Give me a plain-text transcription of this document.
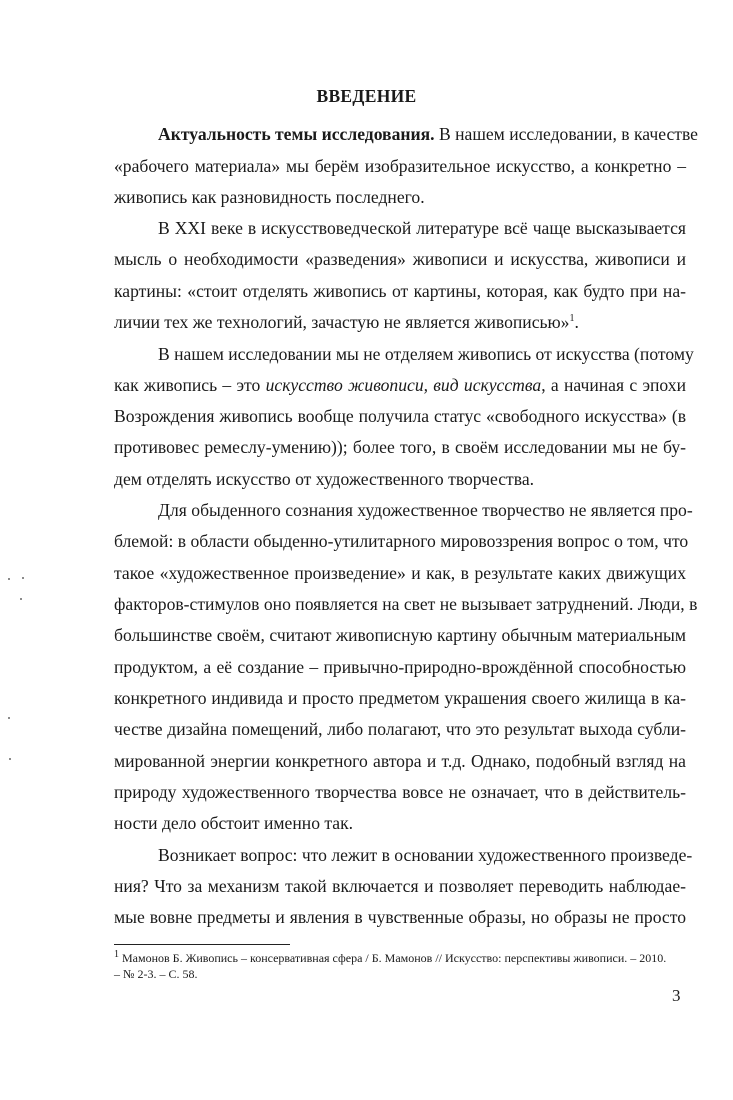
ВВЕДЕНИЕ
Актуальность темы исследования. В нашем исследовании, в качестве
«рабочего материала» мы берём изобразительное искусство, а конкретно –
живопись как разновидность последнего.
В XXI веке в искусствоведческой литературе всё чаще высказывается
мысль о необходимости «разведения» живописи и искусства, живописи и
картины: «стоит отделять живопись от картины, которая, как будто при на-
личии тех же технологий, зачастую не является живописью»$^1$.
В нашем исследовании мы не отделяем живопись от искусства (потому
как живопись – это искусство живописи, вид искусства, а начиная с эпохи
Возрождения живопись вообще получила статус «свободного искусства» (в
противовес ремеслу-умению)); более того, в своём исследовании мы не бу-
дем отделять искусство от художественного творчества.
Для обыденного сознания художественное творчество не является про-
блемой: в области обыденно-утилитарного мировоззрения вопрос о том, что
такое «художественное произведение» и как, в результате каких движущих
факторов-стимулов оно появляется на свет не вызывает затруднений. Люди, в
большинстве своём, считают живописную картину обычным материальным
продуктом, а её создание – привычно-природно-врождённой способностью
конкретного индивида и просто предметом украшения своего жилища в ка-
честве дизайна помещений, либо полагают, что это результат выхода субли-
мированной энергии конкретного автора и т.д. Однако, подобный взгляд на
природу художественного творчества вовсе не означает, что в действитель-
ности дело обстоит именно так.
Возникает вопрос: что лежит в основании художественного произведе-
ния? Что за механизм такой включается и позволяет переводить наблюдае-
мые вовне предметы и явления в чувственные образы, но образы не просто
$^1$ Мамонов Б. Живопись – консервативная сфера / Б. Мамонов // Искусство: перспективы живописи. – 2010.
– № 2-3. – С. 58.
3
